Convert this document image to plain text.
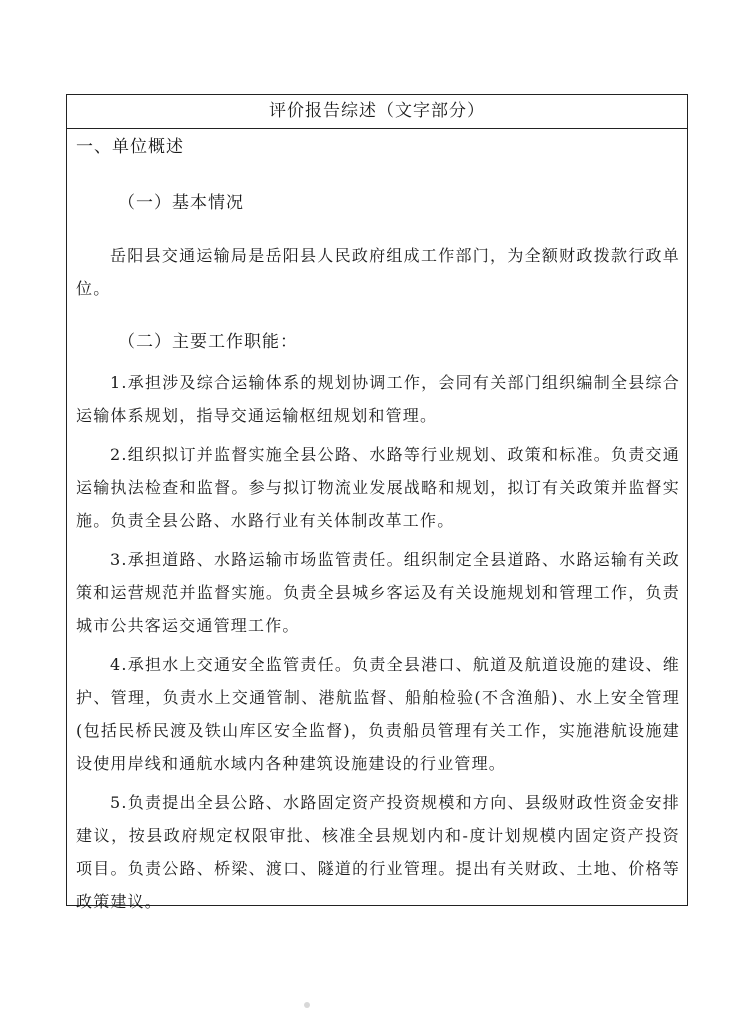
评价报告综述（文字部分）

一、单位概述

（一）基本情况

岳阳县交通运输局是岳阳县人民政府组成工作部门，为全额财政拨款行政单位。

（二）主要工作职能：

1.承担涉及综合运输体系的规划协调工作，会同有关部门组织编制全县综合运输体系规划，指导交通运输枢纽规划和管理。

2.组织拟订并监督实施全县公路、水路等行业规划、政策和标准。负责交通运输执法检查和监督。参与拟订物流业发展战略和规划，拟订有关政策并监督实施。负责全县公路、水路行业有关体制改革工作。

3.承担道路、水路运输市场监管责任。组织制定全县道路、水路运输有关政策和运营规范并监督实施。负责全县城乡客运及有关设施规划和管理工作，负责城市公共客运交通管理工作。

4.承担水上交通安全监管责任。负责全县港口、航道及航道设施的建设、维护、管理，负责水上交通管制、港航监督、船舶检验(不含渔船)、水上安全管理(包括民桥民渡及铁山库区安全监督)，负责船员管理有关工作，实施港航设施建设使用岸线和通航水域内各种建筑设施建设的行业管理。

5.负责提出全县公路、水路固定资产投资规模和方向、县级财政性资金安排建议，按县政府规定权限审批、核准全县规划内和-度计划规模内固定资产投资项目。负责公路、桥梁、渡口、隧道的行业管理。提出有关财政、土地、价格等政策建议。
